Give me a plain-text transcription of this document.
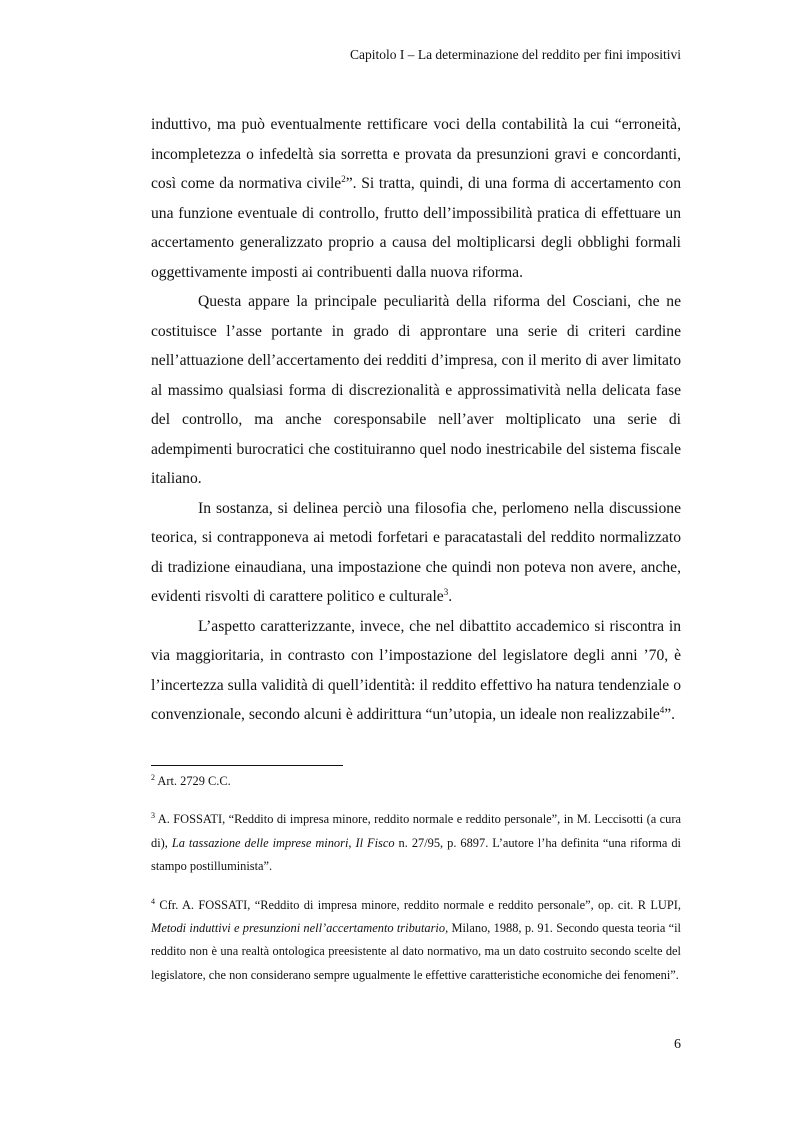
Capitolo I – La determinazione del reddito per fini impositivi

induttivo, ma può eventualmente rettificare voci della contabilità la cui “erroneità, incompletezza o infedeltà sia sorretta e provata da presunzioni gravi e concordanti, così come da normativa civile$^2$”. Si tratta, quindi, di una forma di accertamento con una funzione eventuale di controllo, frutto dell’impossibilità pratica di effettuare un accertamento generalizzato proprio a causa del moltiplicarsi degli obblighi formali oggettivamente imposti ai contribuenti dalla nuova riforma.

Questa appare la principale peculiarità della riforma del Cosciani, che ne costituisce l’asse portante in grado di approntare una serie di criteri cardine nell’attuazione dell’accertamento dei redditi d’impresa, con il merito di aver limitato al massimo qualsiasi forma di discrezionalità e approssimatività nella delicata fase del controllo, ma anche coresponsabile nell’aver moltiplicato una serie di adempimenti burocratici che costituiranno quel nodo inestricabile del sistema fiscale italiano.

In sostanza, si delinea perciò una filosofia che, perlomeno nella discussione teorica, si contrapponeva ai metodi forfetari e paracatastali del reddito normalizzato di tradizione einaudiana, una impostazione che quindi non poteva non avere, anche, evidenti risvolti di carattere politico e culturale$^3$.

L’aspetto caratterizzante, invece, che nel dibattito accademico si riscontra in via maggioritaria, in contrasto con l’impostazione del legislatore degli anni ’70, è l’incertezza sulla validità di quell’identità: il reddito effettivo ha natura tendenziale o convenzionale, secondo alcuni è addirittura “un’utopia, un ideale non realizzabile$^4$”.

$^2$ Art. 2729 C.C.

$^3$ A. FOSSATI, “Reddito di impresa minore, reddito normale e reddito personale”, in M. Leccisotti (a cura di), La tassazione delle imprese minori, Il Fisco n. 27/95, p. 6897. L’autore l’ha definita “una riforma di stampo postilluminista”.

$^4$ Cfr. A. FOSSATI, “Reddito di impresa minore, reddito normale e reddito personale”, op. cit. R LUPI, Metodi induttivi e presunzioni nell’accertamento tributario, Milano, 1988, p. 91. Secondo questa teoria “il reddito non è una realtà ontologica preesistente al dato normativo, ma un dato costruito secondo scelte del legislatore, che non considerano sempre ugualmente le effettive caratteristiche economiche dei fenomeni”.

6
